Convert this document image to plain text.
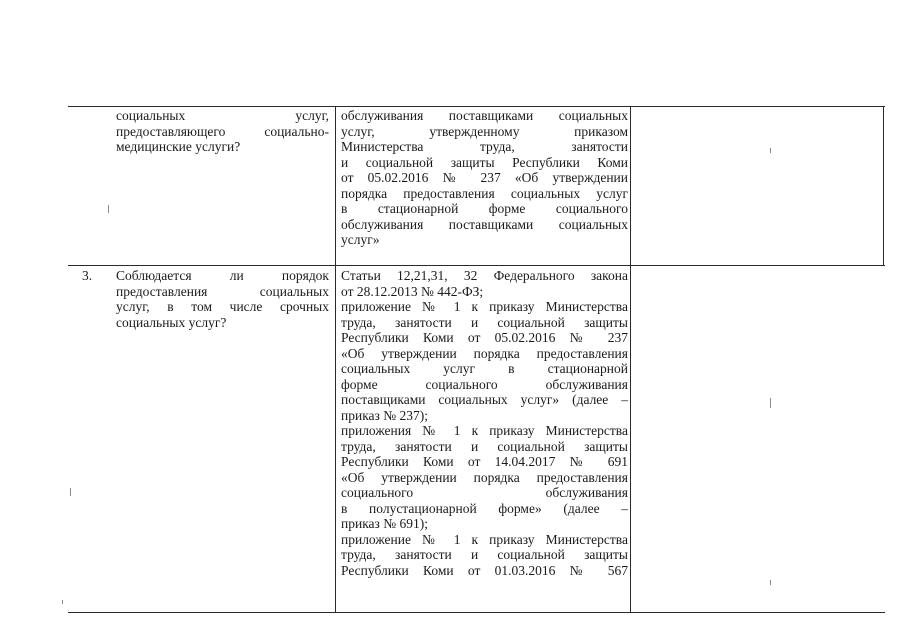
социальных услуг,
предоставляющего социально-
медицинские услуги?
обслуживания поставщиками социальных
услуг, утвержденному приказом
Министерства труда, занятости
и социальной защиты Республики Коми
от 05.02.2016 № 237 «Об утверждении
порядка предоставления социальных услуг
в стационарной форме социального
обслуживания поставщиками социальных
услуг»
3.	Соблюдается ли порядок
предоставления социальных
услуг, в том числе срочных
социальных услуг?
Статьи 12,21,31, 32 Федерального закона
от 28.12.2013 № 442-ФЗ;
приложение № 1 к приказу Министерства
труда, занятости и социальной защиты
Республики Коми от 05.02.2016 № 237
«Об утверждении порядка предоставления
социальных услуг в стационарной
форме социального обслуживания
поставщиками социальных услуг» (далее –
приказ № 237);
приложения № 1 к приказу Министерства
труда, занятости и социальной защиты
Республики Коми от 14.04.2017 № 691
«Об утверждении порядка предоставления
социального обслуживания
в полустационарной форме» (далее –
приказ № 691);
приложение № 1 к приказу Министерства
труда, занятости и социальной защиты
Республики Коми от 01.03.2016 № 567
